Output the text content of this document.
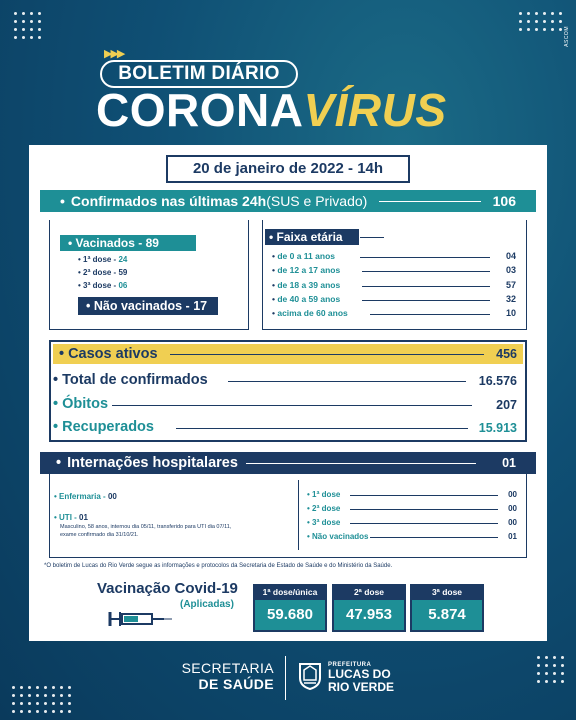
ASCOM
▶▶▶
BOLETIM DIÁRIO
CORONAVÍRUS
20 de janeiro de 2022 - 14h
• Confirmados nas últimas 24h (SUS e Privado)	106
• Vacinados - 89
• 1ª dose - 24
• 2ª dose - 59
• 3ª dose - 06
• Não vacinados - 17
• Faixa etária
• de 0 a 11 anos	04
• de 12 a 17 anos	03
• de 18 a 39 anos	57
• de 40 a 59 anos	32
• acima de 60 anos	10
• Casos ativos	456
• Total de confirmados	16.576
• Óbitos	207
• Recuperados	15.913
• Internações hospitalares	01
• Enfermaria - 00
• UTI - 01
Masculino, 58 anos, internou dia 05/11, transferido para UTI dia 07/11,
exame confirmado dia 31/10/21.
• 1ª dose	00
• 2ª dose	00
• 3ª dose	00
• Não vacinados	01
*O boletim de Lucas do Rio Verde segue as informações e protocolos da Secretaria de Estado de Saúde e do Ministério da Saúde.
Vacinação Covid-19
(Aplicadas)
1ª dose/única
59.680
2ª dose
47.953
3ª dose
5.874
SECRETARIA
DE SAÚDE
PREFEITURA
LUCAS DO
RIO VERDE
